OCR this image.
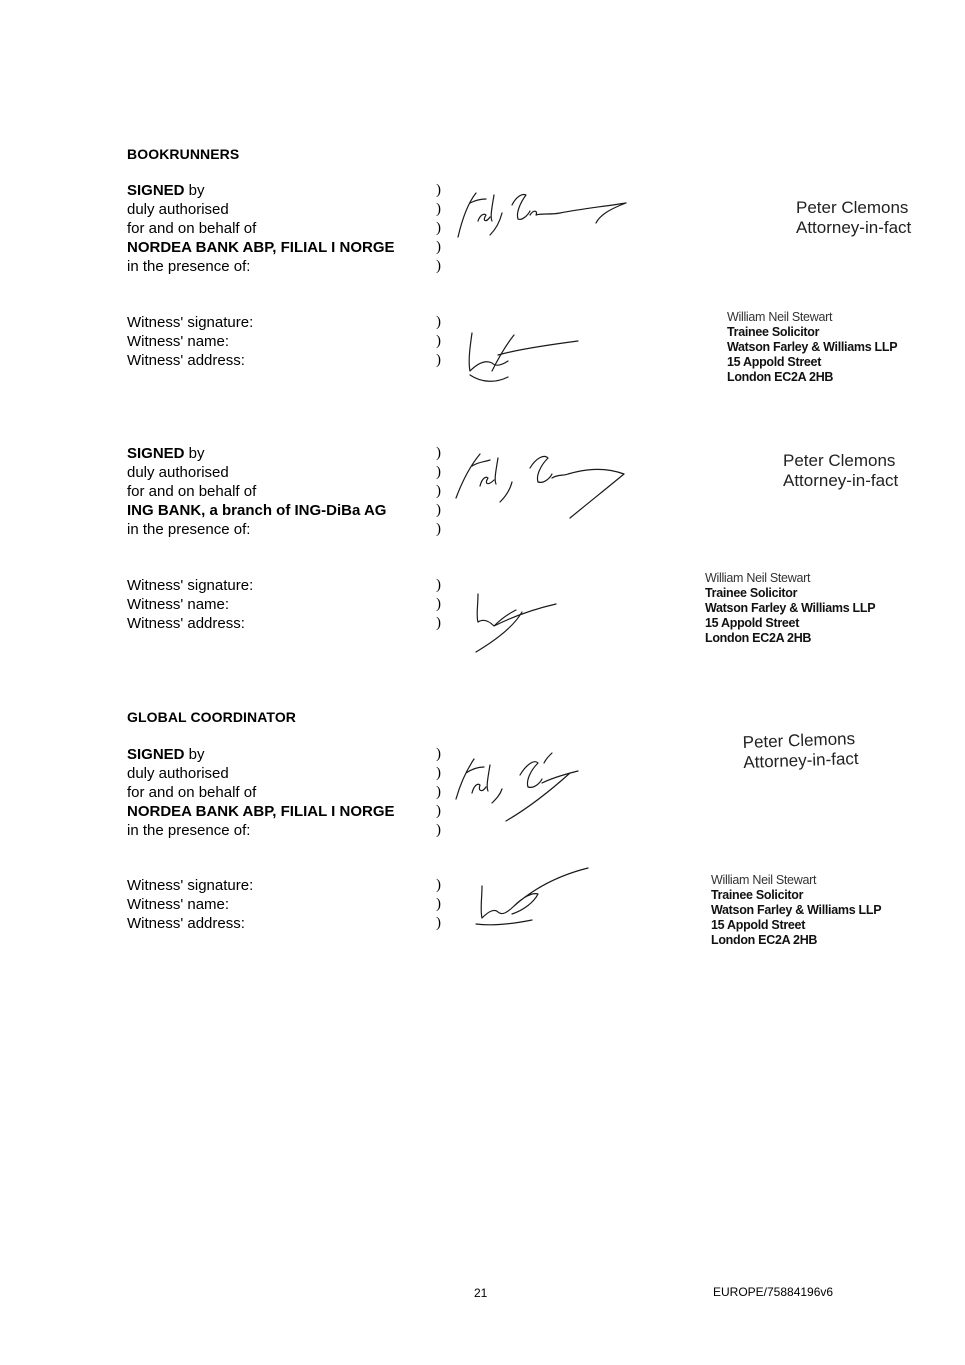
BOOKRUNNERS
SIGNED by
duly authorised
for and on behalf of
NORDEA BANK ABP, FILIAL I NORGE
in the presence of:
)
)
)
)
)
Peter Clemons
Attorney-in-fact
Witness' signature:
Witness' name:
Witness' address:
)
)
)
William Neil Stewart
Trainee Solicitor
Watson Farley & Williams LLP
15 Appold Street
London EC2A 2HB
SIGNED by
duly authorised
for and on behalf of
ING BANK, a branch of ING-DiBa AG
in the presence of:
)
)
)
)
)
Peter Clemons
Attorney-in-fact
Witness' signature:
Witness' name:
Witness' address:
)
)
)
William Neil Stewart
Trainee Solicitor
Watson Farley & Williams LLP
15 Appold Street
London EC2A 2HB
GLOBAL COORDINATOR
SIGNED by
duly authorised
for and on behalf of
NORDEA BANK ABP, FILIAL I NORGE
in the presence of:
)
)
)
)
)
Peter Clemons
Attorney-in-fact
Witness' signature:
Witness' name:
Witness' address:
)
)
)
William Neil Stewart
Trainee Solicitor
Watson Farley & Williams LLP
15 Appold Street
London EC2A 2HB
21	EUROPE/75884196v6
